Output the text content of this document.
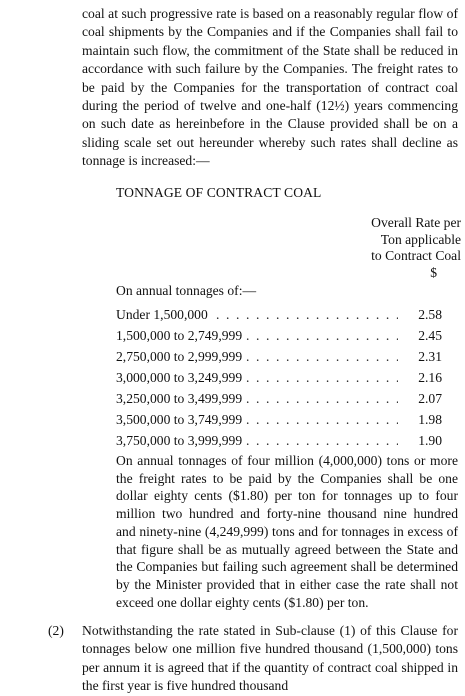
coal at such progressive rate is based on a reasonably regular flow of coal shipments by the Companies and if the Companies shall fail to maintain such flow, the commitment of the State shall be reduced in accordance with such failure by the Companies. The freight rates to be paid by the Companies for the transportation of contract coal during the period of twelve and one-half (12½) years commencing on such date as hereinbefore in the Clause provided shall be on a sliding scale set out hereunder whereby such rates shall decline as tonnage is increased:—

TONNAGE OF CONTRACT COAL
Overall Rate per
Ton applicable
to Contract Coal
$
On annual tonnages of:—
. . .
Under 1,500,000	2.58
. . .
1,500,000 to 2,749,999	2.45
. . .
2,750,000 to 2,999,999	2.31
. . .
3,000,000 to 3,249,999	2.16
. . .
3,250,000 to 3,499,999	2.07
. . .
3,500,000 to 3,749,999	1.98
. . .
3,750,000 to 3,999,999	1.90

On annual tonnages of four million (4,000,000) tons or more the freight rates to be paid by the Companies shall be one dollar eighty cents ($1.80) per ton for tonnages up to four million two hundred and forty-nine thousand nine hundred and ninety-nine (4,249,999) tons and for tonnages in excess of that figure shall be as mutually agreed between the State and the Companies but failing such agreement shall be determined by the Minister provided that in either case the rate shall not exceed one dollar eighty cents ($1.80) per ton.

(2) Notwithstanding the rate stated in Sub-clause (1) of this Clause for tonnages below one million five hundred thousand (1,500,000) tons per annum it is agreed that if the quantity of contract coal shipped in the first year is five hundred thousand
